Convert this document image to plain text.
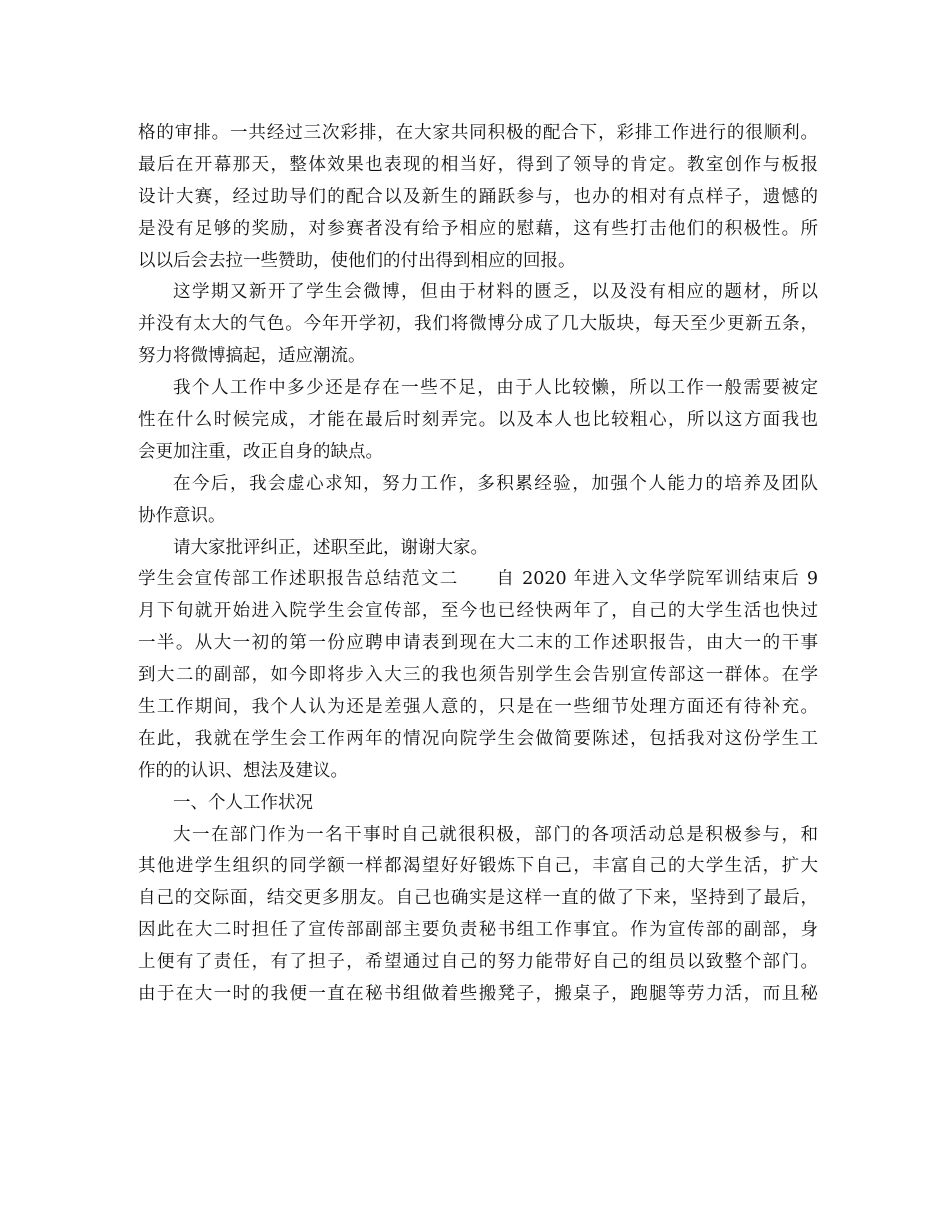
格的审排。一共经过三次彩排，在大家共同积极的配合下，彩排工作进行的很顺利。
最后在开幕那天，整体效果也表现的相当好，得到了领导的肯定。教室创作与板报
设计大赛，经过助导们的配合以及新生的踊跃参与，也办的相对有点样子，遗憾的
是没有足够的奖励，对参赛者没有给予相应的慰藉，这有些打击他们的积极性。所
以以后会去拉一些赞助，使他们的付出得到相应的回报。
这学期又新开了学生会微博，但由于材料的匮乏，以及没有相应的题材，所以
并没有太大的气色。今年开学初，我们将微博分成了几大版块，每天至少更新五条，
努力将微博搞起，适应潮流。
我个人工作中多少还是存在一些不足，由于人比较懒，所以工作一般需要被定
性在什么时候完成，才能在最后时刻弄完。以及本人也比较粗心，所以这方面我也
会更加注重，改正自身的缺点。
在今后，我会虚心求知，努力工作，多积累经验，加强个人能力的培养及团队
协作意识。
请大家批评纠正，述职至此，谢谢大家。
学生会宣传部工作述职报告总结范文二　　自 2020 年进入文华学院军训结束后 9
月下旬就开始进入院学生会宣传部，至今也已经快两年了，自己的大学生活也快过
一半。从大一初的第一份应聘申请表到现在大二末的工作述职报告，由大一的干事
到大二的副部，如今即将步入大三的我也须告别学生会告别宣传部这一群体。在学
生工作期间，我个人认为还是差强人意的，只是在一些细节处理方面还有待补充。
在此，我就在学生会工作两年的情况向院学生会做简要陈述，包括我对这份学生工
作的的认识、想法及建议。
一、个人工作状况
大一在部门作为一名干事时自己就很积极，部门的各项活动总是积极参与，和
其他进学生组织的同学额一样都渴望好好锻炼下自己，丰富自己的大学生活，扩大
自己的交际面，结交更多朋友。自己也确实是这样一直的做了下来，坚持到了最后，
因此在大二时担任了宣传部副部主要负责秘书组工作事宜。作为宣传部的副部，身
上便有了责任，有了担子，希望通过自己的努力能带好自己的组员以致整个部门。
由于在大一时的我便一直在秘书组做着些搬凳子，搬桌子，跑腿等劳力活，而且秘
